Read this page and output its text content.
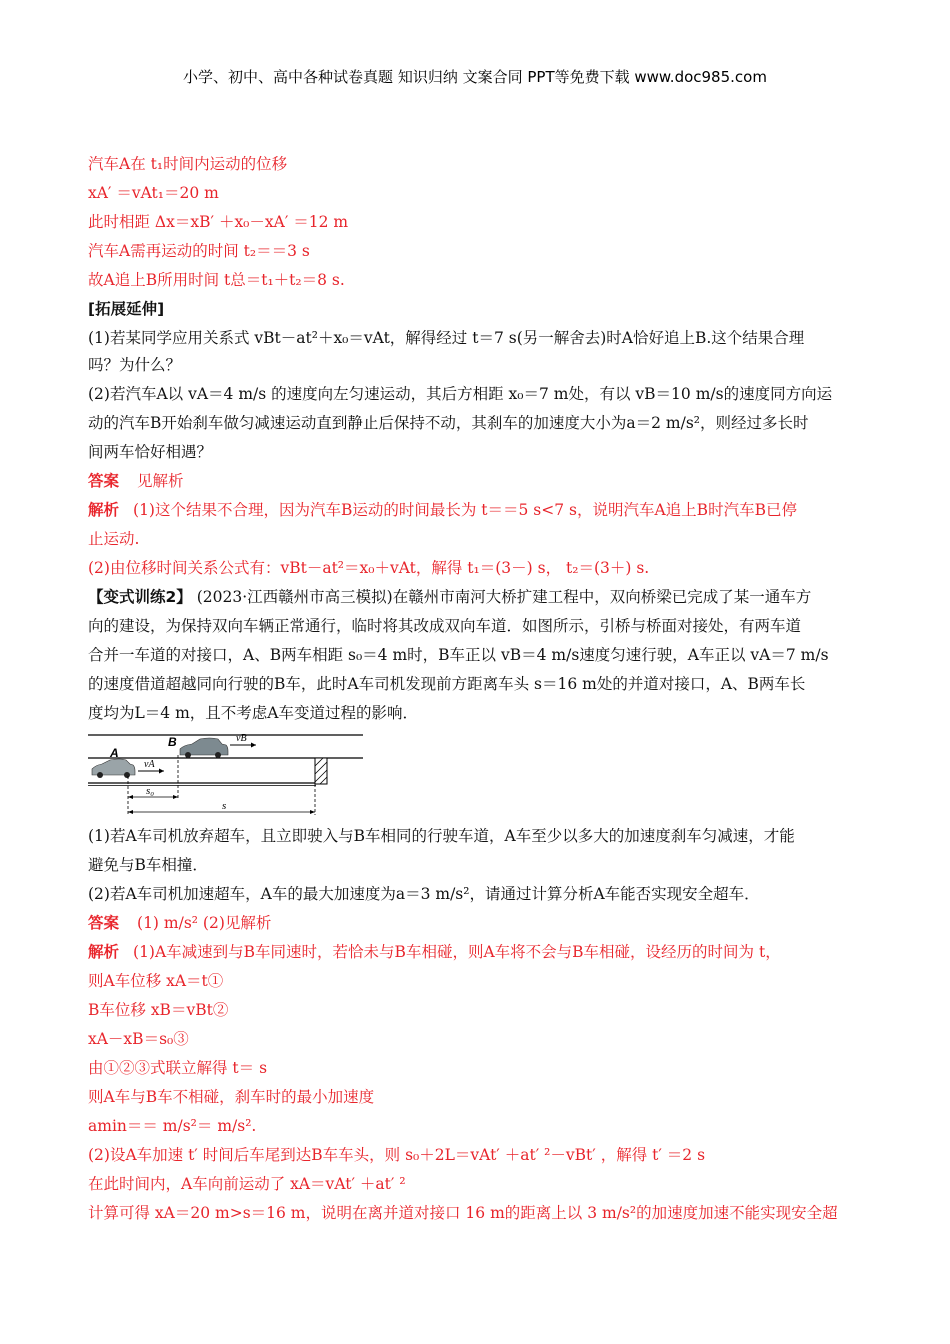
小学、初中、高中各种试卷真题 知识归纳 文案合同 PPT等免费下载 www.doc985.com
汽车A在 t₁时间内运动的位移
xA′ ＝vAt₁＝20 m
此时相距 Δx＝xB′ ＋x₀－xA′ ＝12 m
汽车A需再运动的时间 t₂＝＝3 s
故A追上B所用时间 t总＝t₁＋t₂＝8 s.
[拓展延伸]
(1)若某同学应用关系式 vBt－at²＋x₀＝vAt，解得经过 t＝7 s(另一解舍去)时A恰好追上B.这个结果合理
吗？为什么？
(2)若汽车A以 vA＝4 m/s 的速度向左匀速运动，其后方相距 x₀＝7 m处，有以 vB＝10 m/s的速度同方向运
动的汽车B开始刹车做匀减速运动直到静止后保持不动，其刹车的加速度大小为a＝2 m/s²，则经过多长时
间两车恰好相遇？
答案 见解析
解析 (1)这个结果不合理，因为汽车B运动的时间最长为 t＝＝5 s<7 s，说明汽车A追上B时汽车B已停
止运动.
(2)由位移时间关系公式有：vBt－at²＝x₀＋vAt，解得 t₁＝(3－) s， t₂＝(3＋) s.
【变式训练2】 (2023·江西赣州市高三模拟)在赣州市南河大桥扩建工程中，双向桥梁已完成了某一通车方
向的建设，为保持双向车辆正常通行，临时将其改成双向车道．如图所示，引桥与桥面对接处，有两车道
合并一车道的对接口，A、B两车相距 s₀＝4 m时，B车正以 vB＝4 m/s速度匀速行驶，A车正以 vA＝7 m/s
的速度借道超越同向行驶的B车，此时A车司机发现前方距离车头 s＝16 m处的并道对接口，A、B两车长
度均为L＝4 m，且不考虑A车变道过程的影响．
B
A
vB
vA
s₀
s
(1)若A车司机放弃超车，且立即驶入与B车相同的行驶车道，A车至少以多大的加速度刹车匀减速，才能
避免与B车相撞．
(2)若A车司机加速超车，A车的最大加速度为a＝3 m/s²，请通过计算分析A车能否实现安全超车．
答案 (1) m/s² (2)见解析
解析 (1)A车减速到与B车同速时，若恰未与B车相碰，则A车将不会与B车相碰，设经历的时间为 t，
则A车位移 xA＝t①
B车位移 xB＝vBt②
xA－xB＝s₀③
由①②③式联立解得 t＝ s
则A车与B车不相碰，刹车时的最小加速度
amin＝＝ m/s²＝ m/s².
(2)设A车加速 t′ 时间后车尾到达B车车头，则 s₀＋2L＝vAt′ ＋at′ ²－vBt′ ，解得 t′ ＝2 s
在此时间内，A车向前运动了 xA＝vAt′ ＋at′ ²
计算可得 xA＝20 m>s＝16 m，说明在离并道对接口 16 m的距离上以 3 m/s²的加速度加速不能实现安全超
